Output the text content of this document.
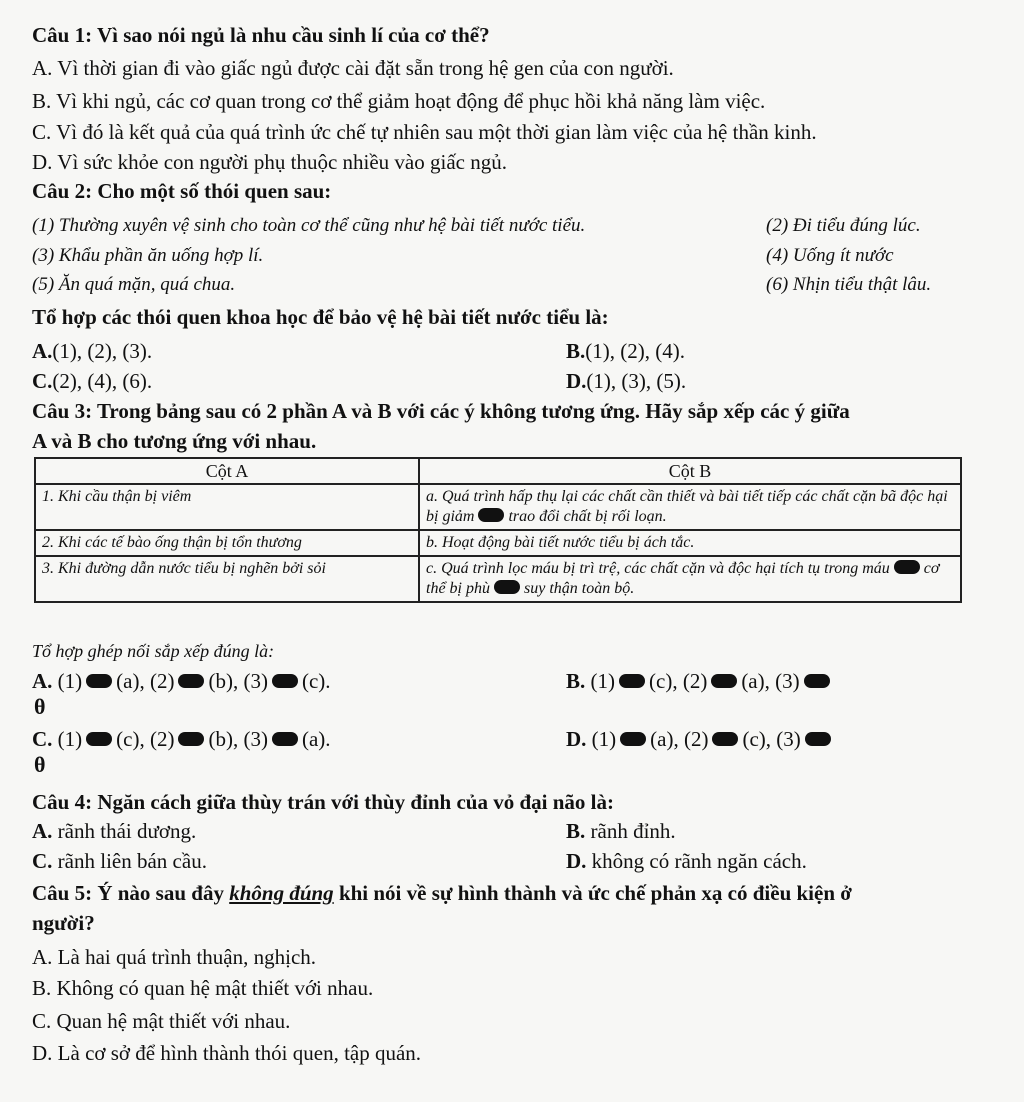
Câu 1: Vì sao nói ngủ là nhu cầu sinh lí của cơ thể?
A. Vì thời gian đi vào giấc ngủ được cài đặt sẵn trong hệ gen của con người.
B. Vì khi ngủ, các cơ quan trong cơ thể giảm hoạt động để phục hồi khả năng làm việc.
C. Vì đó là kết quả của quá trình ức chế tự nhiên sau một thời gian làm việc của hệ thần kinh.
D. Vì sức khỏe con người phụ thuộc nhiều vào giấc ngủ.
Câu 2: Cho một số thói quen sau:
(1) Thường xuyên vệ sinh cho toàn cơ thể cũng như hệ bài tiết nước tiểu.	(2) Đi tiểu đúng lúc.
(3) Khẩu phần ăn uống hợp lí.	(4) Uống ít nước
(5) Ăn quá mặn, quá chua.	(6) Nhịn tiểu thật lâu.
Tổ hợp các thói quen khoa học để bảo vệ hệ bài tiết nước tiểu là:
A.(1), (2), (3).	B.(1), (2), (4).
C.(2), (4), (6).	D.(1), (3), (5).
Câu 3: Trong bảng sau có 2 phần A và B với các ý không tương ứng. Hãy sắp xếp các ý giữa
A và B cho tương ứng với nhau.
Cột A	Cột B
1. Khi cầu thận bị viêm	a. Quá trình hấp thụ lại các chất cần thiết và bài tiết tiếp các chất cặn bã độc hại bị giảm trao đổi chất bị rối loạn.
2. Khi các tế bào ống thận bị tổn thương	b. Hoạt động bài tiết nước tiểu bị ách tắc.
3. Khi đường dẫn nước tiểu bị nghẽn bởi sỏi	c. Quá trình lọc máu bị trì trệ, các chất cặn và độc hại tích tụ trong máu cơ thể bị phù suy thận toàn bộ.
Tổ hợp ghép nối sắp xếp đúng là:
A. (1) (a), (2) (b), (3) (c).	B. (1) (c), (2) (a), (3)
θ
C. (1) (c), (2) (b), (3) (a).	D. (1) (a), (2) (c), (3)
θ
Câu 4: Ngăn cách giữa thùy trán với thùy đỉnh của vỏ đại não là:
A. rãnh thái dương.	B. rãnh đỉnh.
C. rãnh liên bán cầu.	D. không có rãnh ngăn cách.
Câu 5: Ý nào sau đây không đúng khi nói về sự hình thành và ức chế phản xạ có điều kiện ở
người?
A. Là hai quá trình thuận, nghịch.
B. Không có quan hệ mật thiết với nhau.
C. Quan hệ mật thiết với nhau.
D. Là cơ sở để hình thành thói quen, tập quán.
